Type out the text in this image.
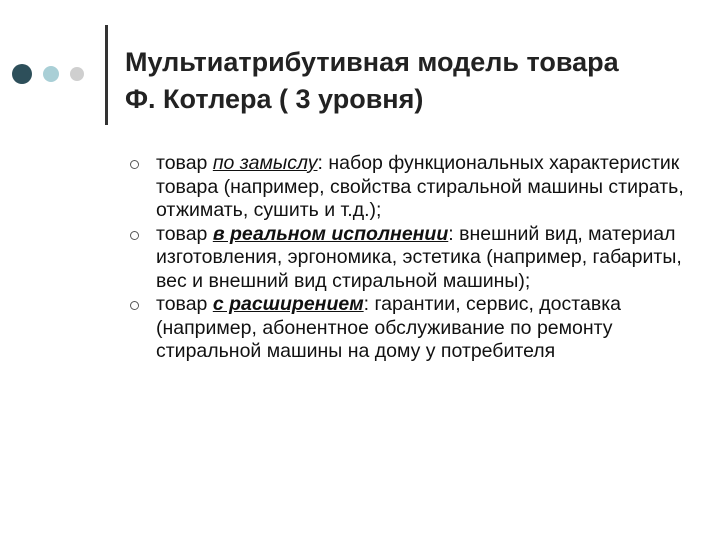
Мультиатрибутивная модель товара
Ф. Котлера ( 3 уровня)
товар по замыслу: набор функциональных характеристик товара (например, свойства стиральной машины стирать, отжимать, сушить и т.д.);
товар в реальном исполнении: внешний вид, материал изготовления, эргономика, эстетика (например, габариты, вес и внешний вид стиральной машины);
товар с расширением: гарантии, сервис, доставка (например, абонентное обслуживание по ремонту стиральной машины на дому у потребителя
